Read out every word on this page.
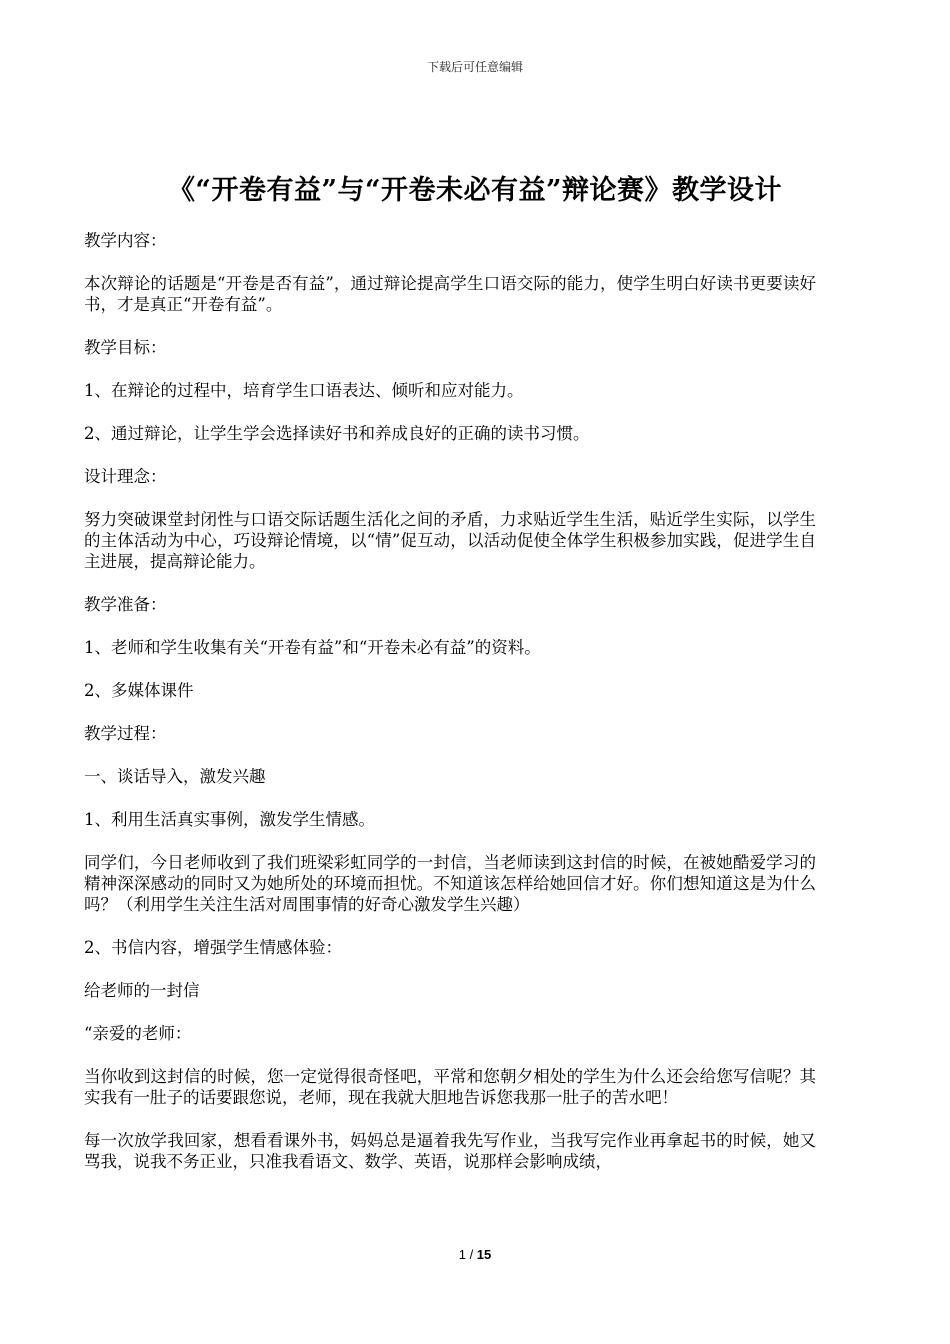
下载后可任意编辑
《“开卷有益”与“开卷未必有益”辩论赛》教学设计

教学内容：

本次辩论的话题是“开卷是否有益”，通过辩论提高学生口语交际的能力，使学生明白好读书更要读好书，才是真正“开卷有益”。

教学目标：

1、在辩论的过程中，培育学生口语表达、倾听和应对能力。

2、通过辩论，让学生学会选择读好书和养成良好的正确的读书习惯。

设计理念：

努力突破课堂封闭性与口语交际话题生活化之间的矛盾，力求贴近学生生活，贴近学生实际，以学生的主体活动为中心，巧设辩论情境，以“情”促互动，以活动促使全体学生积极参加实践，促进学生自主进展，提高辩论能力。

教学准备：

1、老师和学生收集有关“开卷有益”和“开卷未必有益”的资料。

2、多媒体课件

教学过程：

一、谈话导入，激发兴趣

1、利用生活真实事例，激发学生情感。

同学们，今日老师收到了我们班梁彩虹同学的一封信，当老师读到这封信的时候，在被她酷爱学习的精神深深感动的同时又为她所处的环境而担忧。不知道该怎样给她回信才好。你们想知道这是为什么吗？（利用学生关注生活对周围事情的好奇心激发学生兴趣）

2、书信内容，增强学生情感体验：

给老师的一封信

“亲爱的老师：

当你收到这封信的时候，您一定觉得很奇怪吧，平常和您朝夕相处的学生为什么还会给您写信呢？其实我有一肚子的话要跟您说，老师，现在我就大胆地告诉您我那一肚子的苦水吧！

每一次放学我回家，想看看课外书，妈妈总是逼着我先写作业，当我写完作业再拿起书的时候，她又骂我，说我不务正业，只准我看语文、数学、英语，说那样会影响成绩，

1 / 15
